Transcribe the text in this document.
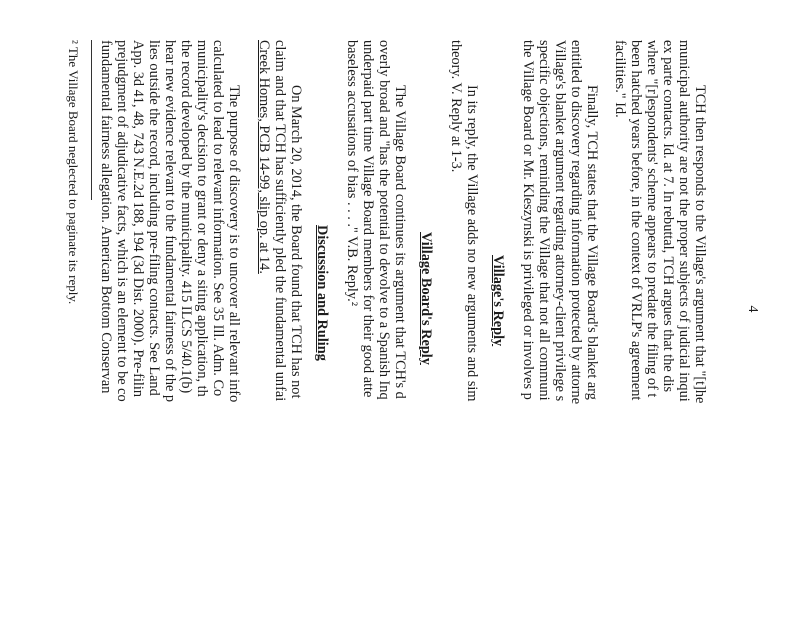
4
TCH then responds to the Village's argument that "[t]he
municipal authority are not the proper subjects of judicial inqui
ex parte contacts. Id. at 7. In rebuttal, TCH argues that the dis
where "[r]espondents' scheme appears to predate the filing of t
been hatched years before, in the context of VRLP's agreement
facilities." Id.
Finally, TCH states that the Village Board's blanket arg
entitled to discovery regarding information protected by attorne
Village's blanket argument regarding attorney-client privilege s
specific objections, reminding the Village that not all communi
the Village Board or Mr. Kleszynski is privileged or involves p
Village's Reply
In its reply, the Village adds no new arguments and sim
theory. V. Reply at 1-3.
Village Board's Reply
The Village Board continues its argument that TCH's d
overly broad and "has the potential to devolve to a Spanish Inq
underpaid part time Village Board members for their good atte
baseless accusations of bias . . . ." V.B. Reply.²
Discussion and Ruling
On March 20, 2014, the Board found that TCH has not
claim and that TCH has sufficiently pled the fundamental unfai
Creek Homes, PCB 14-99, slip op. at 14.
The purpose of discovery is to uncover all relevant info
calculated to lead to relevant information. See 35 Ill. Adm. Co
municipality's decision to grant or deny a siting application, th
the record developed by the municipality. 415 ILCS 5/40.1(b)
hear new evidence relevant to the fundamental fairness of the p
lies outside the record, including pre-filing contacts. See Land
App. 3d 41, 48, 743 N.E.2d 188, 194 (3d Dist. 2000). Pre-filin
prejudgment of adjudicative facts, which is an element to be co
fundamental fairness allegation. American Bottom Conservan
² The Village Board neglected to paginate its reply.
